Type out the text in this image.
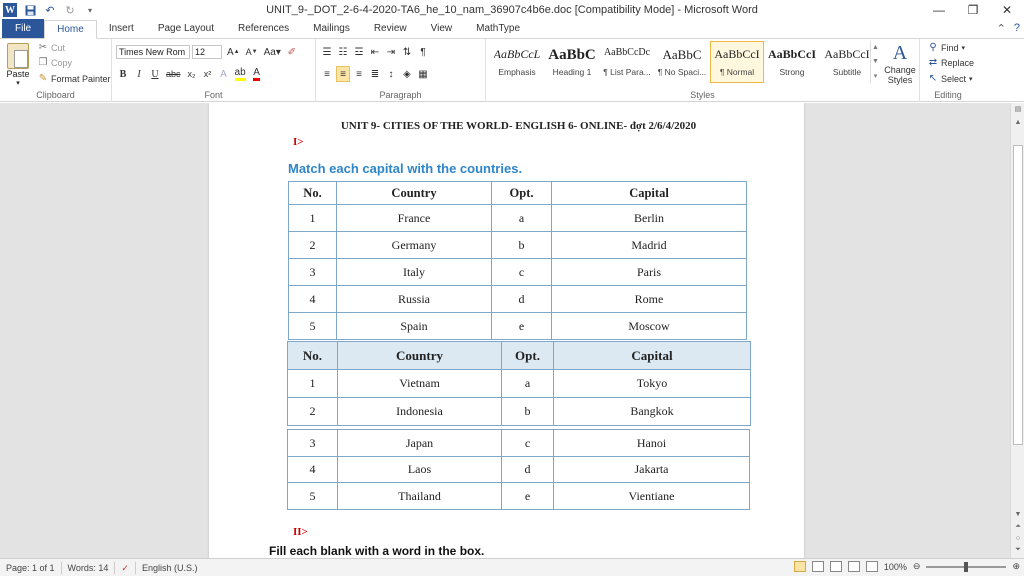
W	↶ ↻	▾	UNIT_9-_DOT_2-6-4-2020-TA6_he_10_nam_36907c4b6e.doc [Compatibility Mode] - Microsoft Word	—	❐	✕
File	Home	Insert	Page Layout	References	Mailings	Review	View	MathType	⌃ ?
Paste
▾
✂ Cut
❐ Copy
✎ Format Painter
Clipboard
Times New Rom	12	A ▲ A ▼ Aa▾ ✐
B	I	U abc x₂ x² A ab A
Font
☰ ☷ ☲ ⇤ ⇥ ⇅ ¶
≡	≡	≡ ≣ ↕ ◈ ▦
Paragraph	Styles
AaBbCcL
Emphasis
AaBbC
Heading 1
AaBbCcDc
¶ List Para...
AaBbC
¶ No Spaci...
AaBbCcI
¶ Normal
AaBbCcI
Strong
AaBbCcI
Subtitle
▲
▼
▾
A
Change Styles
Editing
⚲ Find ▾
⇄ Replace
↖ Select ▾
UNIT 9- CITIES OF THE WORLD- ENGLISH 6- ONLINE- đợt 2/6/4/2020
I>
Match each capital with the countries.
No.	Country	Opt.	Capital
1	France	a	Berlin
2	Germany	b	Madrid
3	Italy	c	Paris
4	Russia	d	Rome
5	Spain	e	Moscow
No.	Country	Opt.	Capital
1	Vietnam	a	Tokyo
2	Indonesia	b	Bangkok
3	Japan	c	Hanoi
4	Laos	d	Jakarta
5	Thailand	e	Vientiane
II>
Fill each blank with a word in the box.
▤
▲
▼
⏶
○
⏷
Page: 1 of 1	Words: 14	✓	English (U.S.)	100% ⊖	⊕
